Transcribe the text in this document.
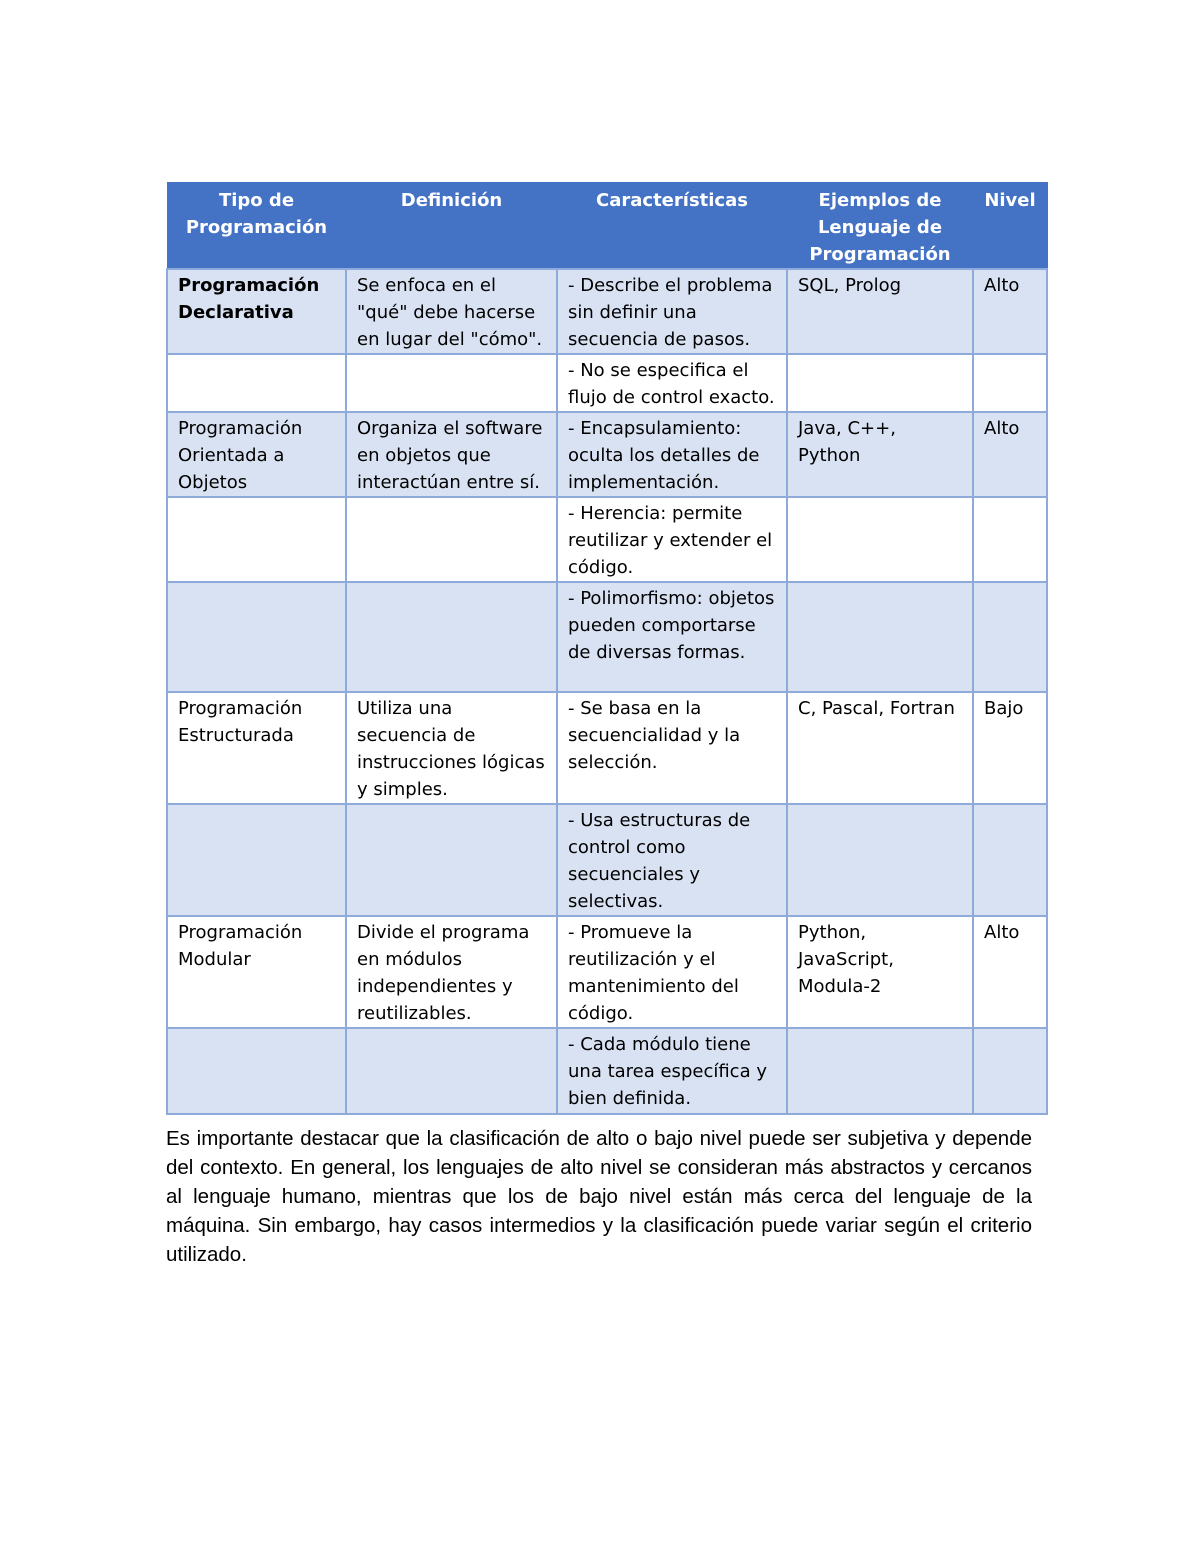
Tipo de Programación	Definición	Características	Ejemplos de Lenguaje de Programación	Nivel
Programación Declarativa	Se enfoca en el "qué" debe hacerse en lugar del "cómo".	- Describe el problema sin definir una secuencia de pasos.	SQL, Prolog	Alto
		- No se especifica el flujo de control exacto.		
Programación Orientada a Objetos	Organiza el software en objetos que interactúan entre sí.	- Encapsulamiento: oculta los detalles de implementación.	Java, C++, Python	Alto
		- Herencia: permite reutilizar y extender el código.		
		- Polimorfismo: objetos pueden comportarse de diversas formas.		
Programación Estructurada	Utiliza una secuencia de instrucciones lógicas y simples.	- Se basa en la secuencialidad y la selección.	C, Pascal, Fortran	Bajo
		- Usa estructuras de control como secuenciales y selectivas.		
Programación Modular	Divide el programa en módulos independientes y reutilizables.	- Promueve la reutilización y el mantenimiento del código.	Python, JavaScript, Modula-2	Alto
		- Cada módulo tiene una tarea específica y bien definida.		

Es importante destacar que la clasificación de alto o bajo nivel puede ser subjetiva y depende del contexto. En general, los lenguajes de alto nivel se consideran más abstractos y cercanos al lenguaje humano, mientras que los de bajo nivel están más cerca del lenguaje de la máquina. Sin embargo, hay casos intermedios y la clasificación puede variar según el criterio utilizado.
